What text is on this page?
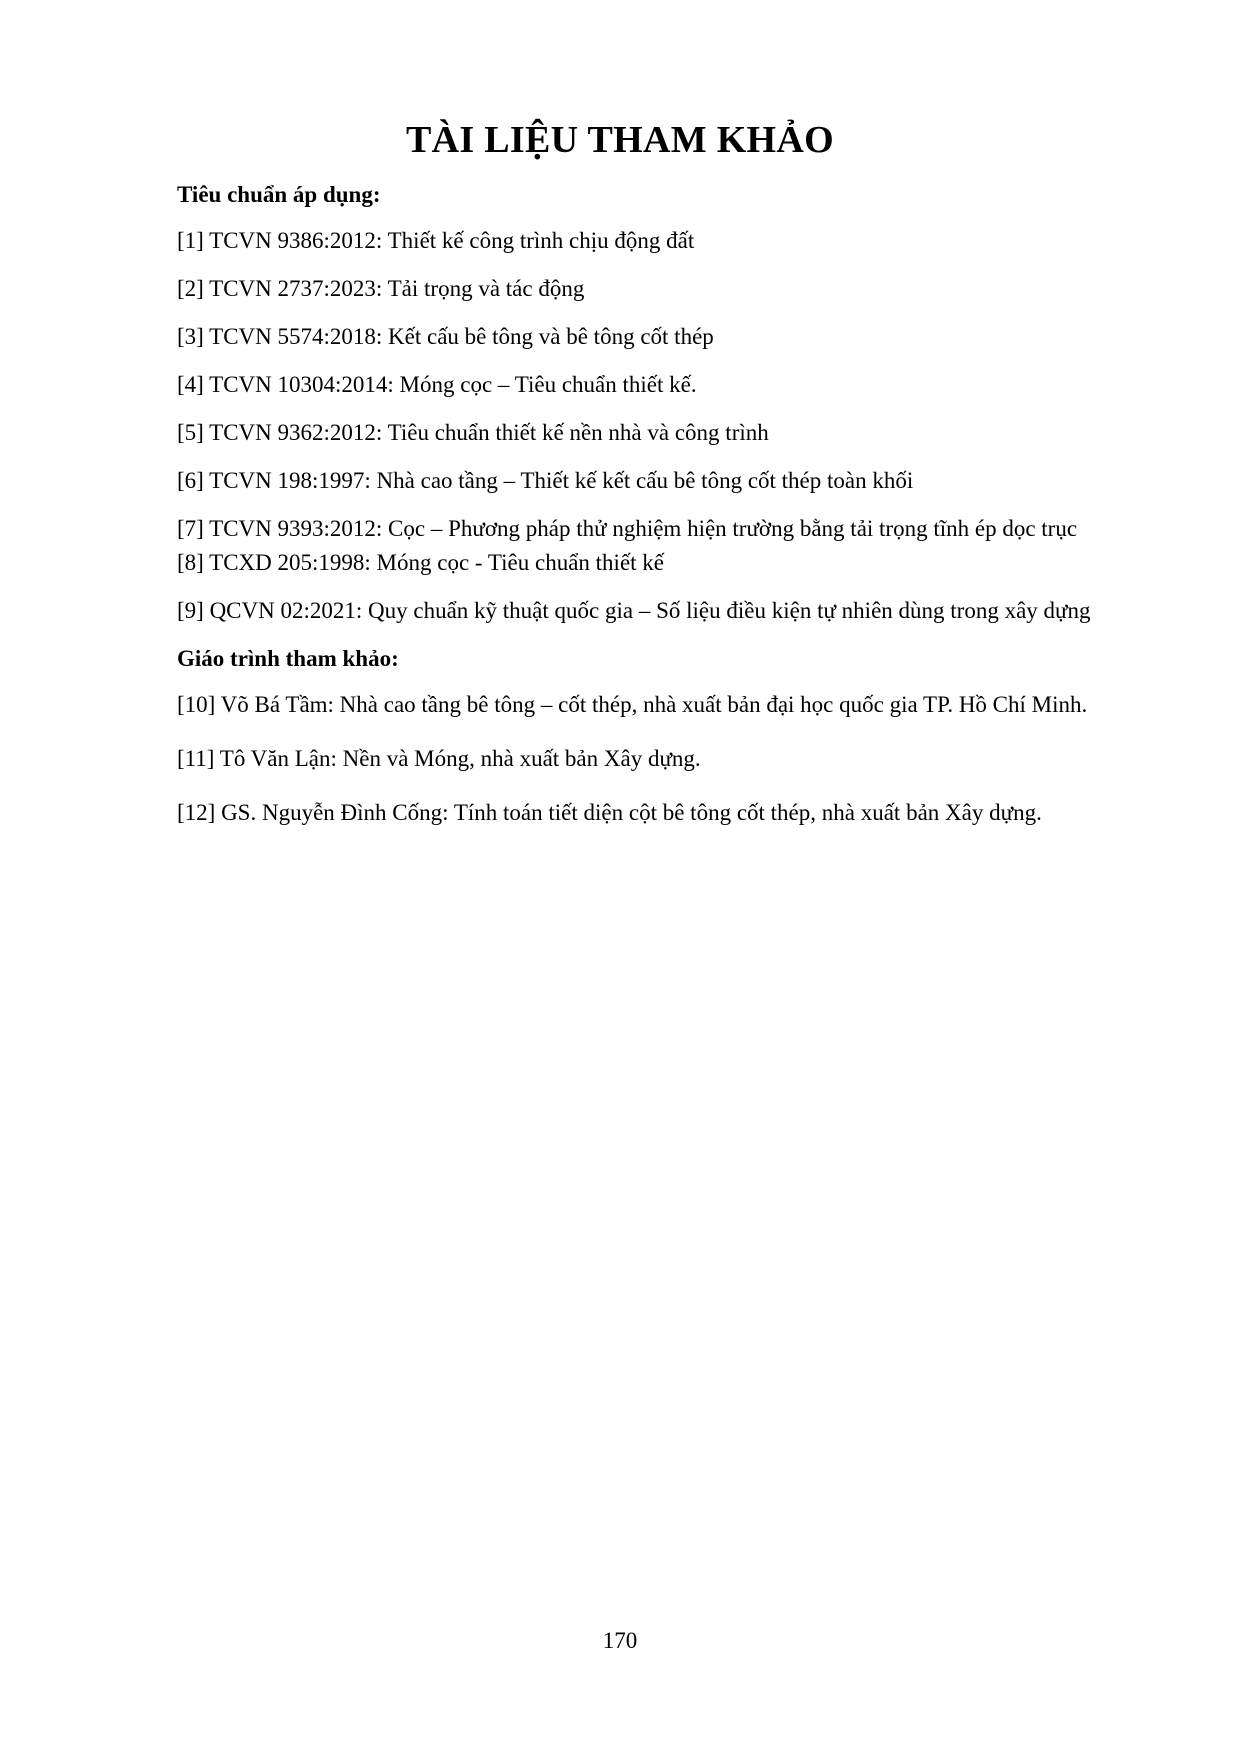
TÀI LIỆU THAM KHẢO

Tiêu chuẩn áp dụng:

[1] TCVN 9386:2012: Thiết kế công trình chịu động đất

[2] TCVN 2737:2023: Tải trọng và tác động

[3] TCVN 5574:2018: Kết cấu bê tông và bê tông cốt thép

[4] TCVN 10304:2014: Móng cọc – Tiêu chuẩn thiết kế.

[5] TCVN 9362:2012: Tiêu chuẩn thiết kế nền nhà và công trình

[6] TCVN 198:1997: Nhà cao tầng – Thiết kế kết cấu bê tông cốt thép toàn khối

[7] TCVN 9393:2012: Cọc – Phương pháp thử nghiệm hiện trường bằng tải trọng tĩnh ép dọc trục

[8] TCXD 205:1998: Móng cọc - Tiêu chuẩn thiết kế

[9] QCVN 02:2021: Quy chuẩn kỹ thuật quốc gia – Số liệu điều kiện tự nhiên dùng trong xây dựng

Giáo trình tham khảo:

[10] Võ Bá Tầm: Nhà cao tầng bê tông – cốt thép, nhà xuất bản đại học quốc gia TP. Hồ Chí Minh.

[11] Tô Văn Lận: Nền và Móng, nhà xuất bản Xây dựng.

[12] GS. Nguyễn Đình Cống: Tính toán tiết diện cột bê tông cốt thép, nhà xuất bản Xây dựng.

170
